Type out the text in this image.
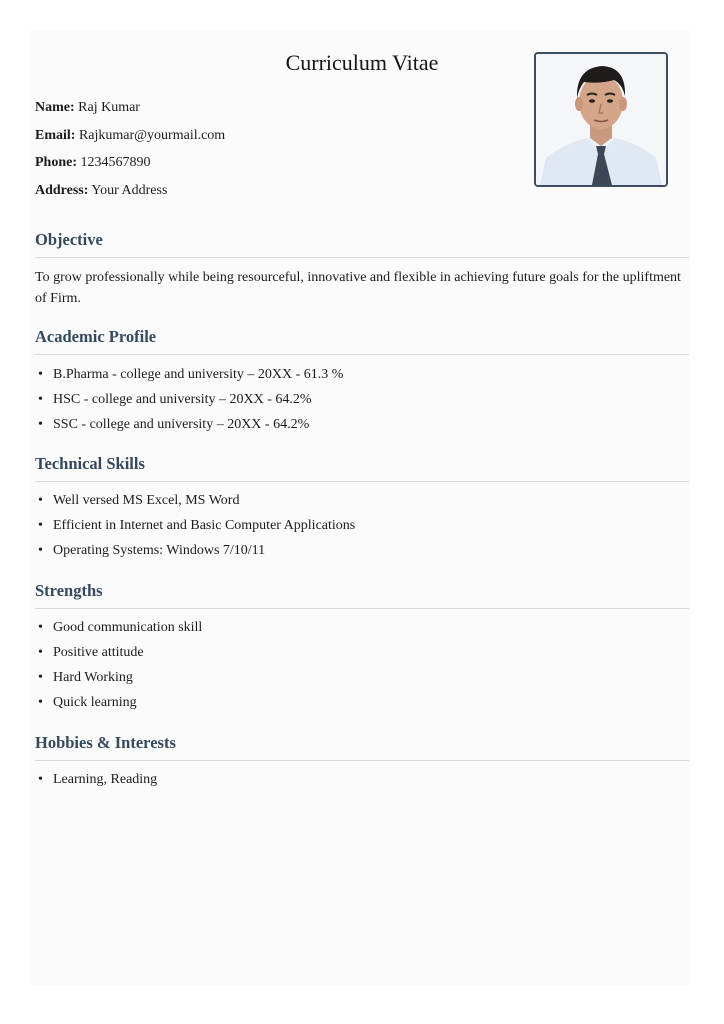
Curriculum Vitae
Name: Raj Kumar
Email: Rajkumar@yourmail.com
Phone: 1234567890
Address: Your Address
Objective
To grow professionally while being resourceful, innovative and flexible in achieving future goals for the upliftment of Firm.
Academic Profile
• B.Pharma - college and university – 20XX - 61.3 %
• HSC - college and university – 20XX - 64.2%
• SSC - college and university – 20XX - 64.2%
Technical Skills
• Well versed MS Excel, MS Word
• Efficient in Internet and Basic Computer Applications
• Operating Systems: Windows 7/10/11
Strengths
• Good communication skill
• Positive attitude
• Hard Working
• Quick learning
Hobbies & Interests
• Learning, Reading
